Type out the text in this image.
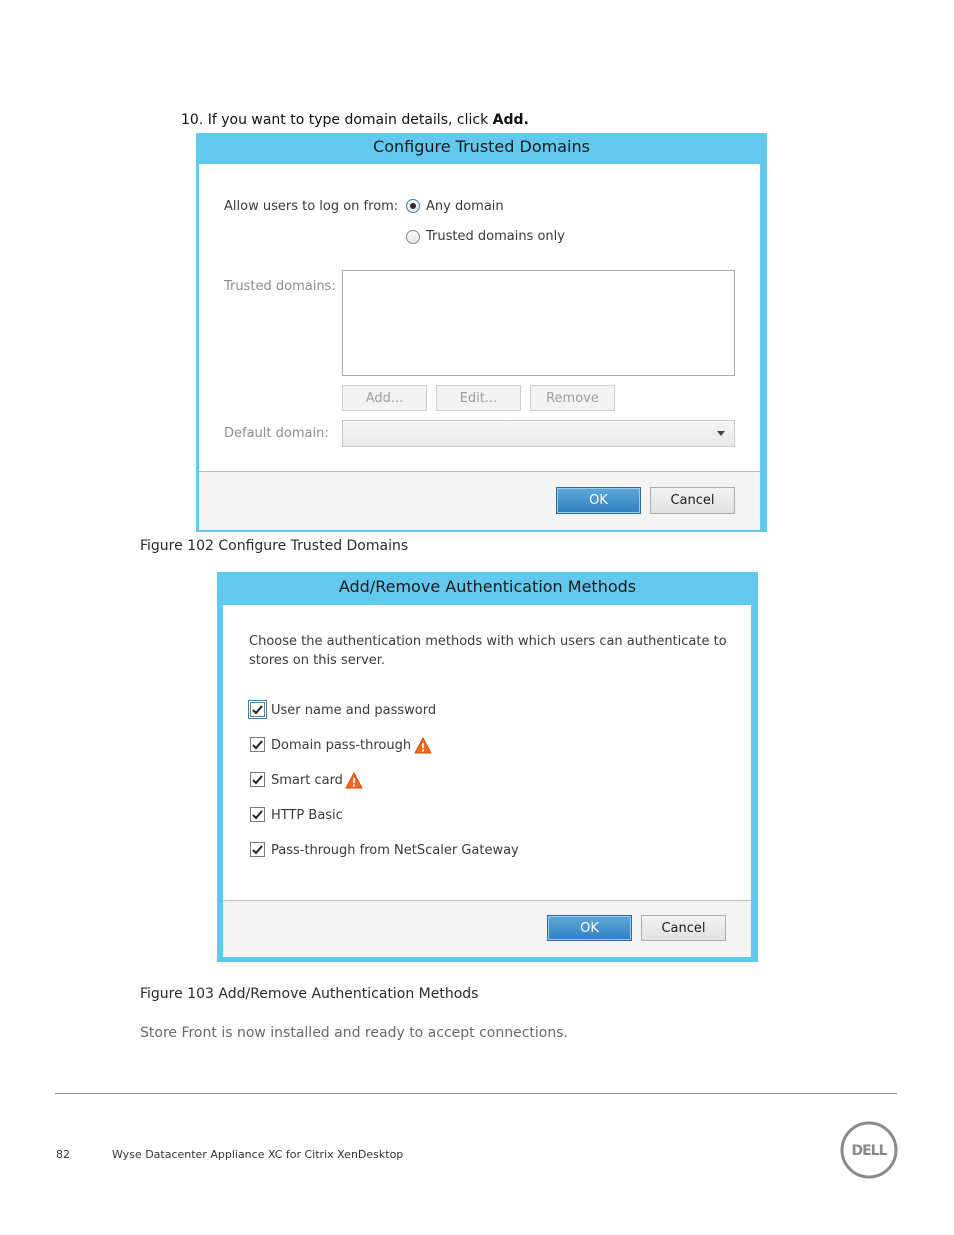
10. If you want to type domain details, click Add.
Configure Trusted Domains
Allow users to log on from: Any domain
Trusted domains only
Trusted domains:
Add...	Edit...	Remove
Default domain:
OK	Cancel
Figure 102 Configure Trusted Domains
Add/Remove Authentication Methods
Choose the authentication methods with which users can authenticate to
stores on this server.
User name and password
Domain pass-through
Smart card
HTTP Basic
Pass-through from NetScaler Gateway
OK	Cancel
Figure 103 Add/Remove Authentication Methods
Store Front is now installed and ready to accept connections.
82	Wyse Datacenter Appliance XC for Citrix XenDesktop	DELL
